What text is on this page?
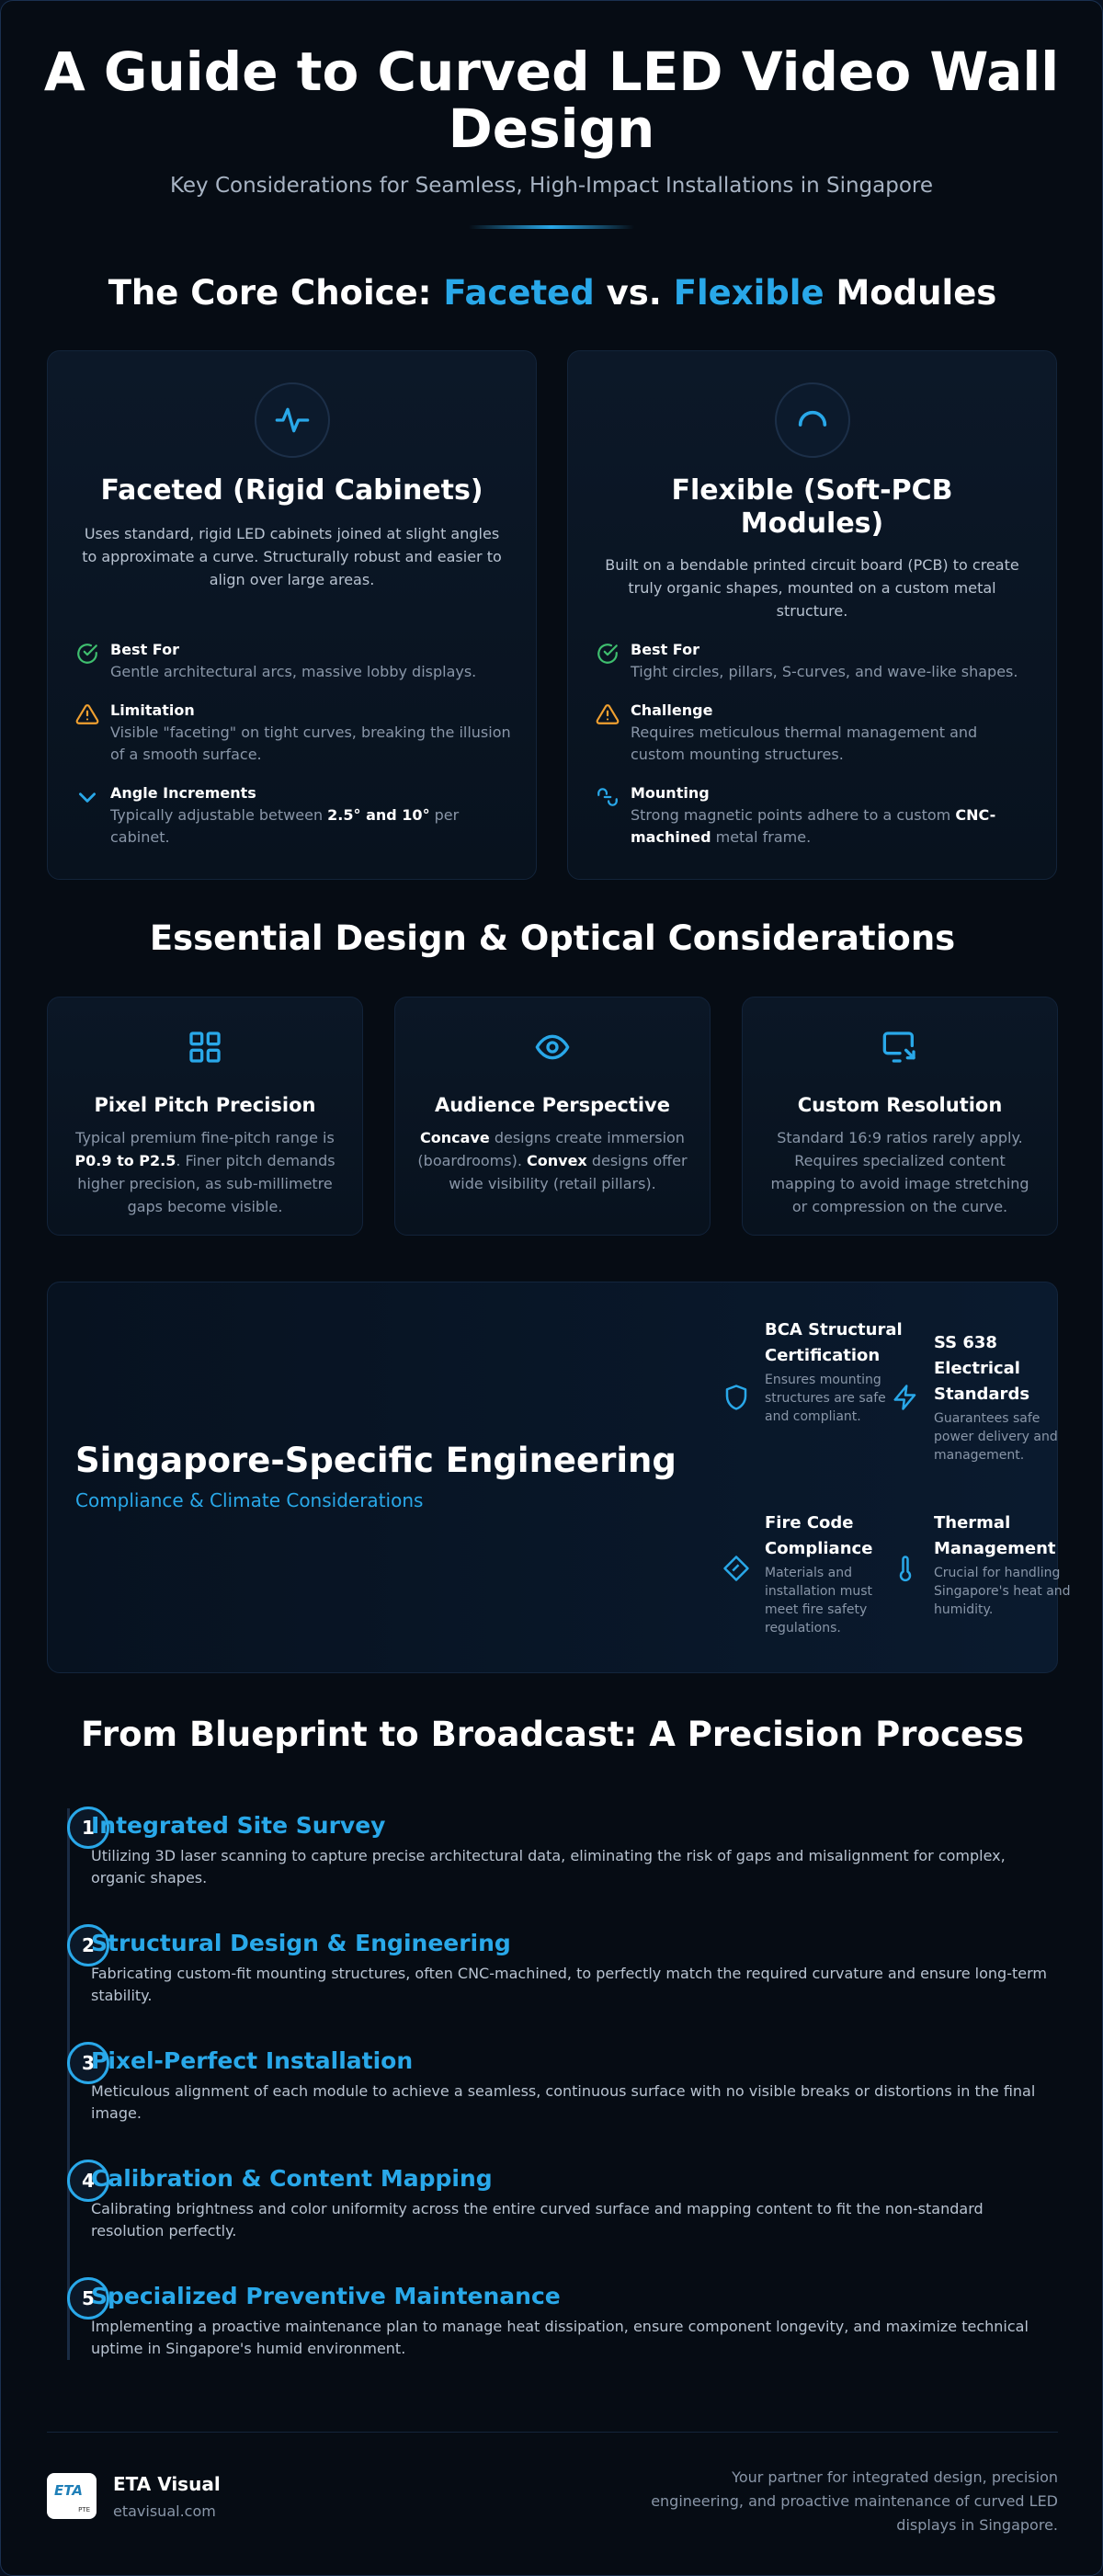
A Guide to Curved LED Video Wall Design
Key Considerations for Seamless, High-Impact Installations in Singapore
The Core Choice: Faceted vs. Flexible Modules
Faceted (Rigid Cabinets)
Uses standard, rigid LED cabinets joined at slight angles to approximate a curve. Structurally robust and easier to align over large areas.
Best For
Gentle architectural arcs, massive lobby displays.
Limitation
Visible "faceting" on tight curves, breaking the illusion of a smooth surface.
Angle Increments
Typically adjustable between 2.5° and 10° per cabinet.
Flexible (Soft-PCB Modules)
Built on a bendable printed circuit board (PCB) to create truly organic shapes, mounted on a custom metal structure.
Best For
Tight circles, pillars, S-curves, and wave-like shapes.
Challenge
Requires meticulous thermal management and custom mounting structures.
Mounting
Strong magnetic points adhere to a custom CNC-machined metal frame.
Essential Design & Optical Considerations
Pixel Pitch Precision

Typical premium fine-pitch range is P0.9 to P2.5. Finer pitch demands higher precision, as sub-millimetre gaps become visible.

Audience Perspective

Concave designs create immersion (boardrooms). Convex designs offer wide visibility (retail pillars).

Custom Resolution

Standard 16:9 ratios rarely apply. Requires specialized content mapping to avoid image stretching or compression on the curve.

Singapore-Specific Engineering
Compliance & Climate Considerations
BCA Structural Certification
Ensures mounting structures are safe and compliant.
SS 638 Electrical Standards
Guarantees safe power delivery and management.
Fire Code Compliance
Materials and installation must meet fire safety regulations.
Thermal Management
Crucial for handling Singapore's heat and humidity.
From Blueprint to Broadcast: A Precision Process
1
Integrated Site Survey
Utilizing 3D laser scanning to capture precise architectural data, eliminating the risk of gaps and misalignment for complex, organic shapes.
2
Structural Design & Engineering
Fabricating custom-fit mounting structures, often CNC-machined, to perfectly match the required curvature and ensure long-term stability.
3
Pixel-Perfect Installation
Meticulous alignment of each module to achieve a seamless, continuous surface with no visible breaks or distortions in the final image.
4
Calibration & Content Mapping
Calibrating brightness and color uniformity across the entire curved surface and mapping content to fit the non-standard resolution perfectly.
5
Specialized Preventive Maintenance
Implementing a proactive maintenance plan to manage heat dissipation, ensure component longevity, and maximize technical uptime in Singapore's humid environment.
ETA
PTE
ETA Visual
etavisual.com
Your partner for integrated design, precision engineering, and proactive maintenance of curved LED displays in Singapore.
